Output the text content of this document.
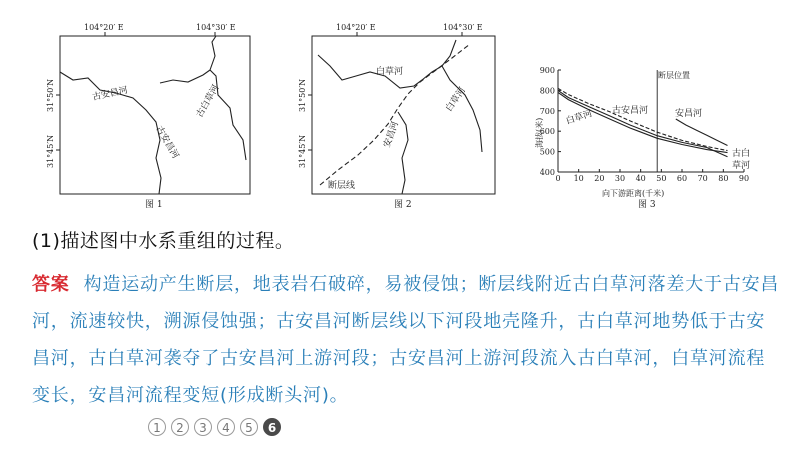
104°20′ E	104°30′ E
31°50′N
31°45′N
古安昌河	古白草河
古安昌河
图 1
104°20′ E	104°30′ E
31°50′N
31°45′N
白草河
白草河
安昌河
断层线
图 2
断层位置
海拔(米)
向下游距离(千米)
图 3
古安昌河
白草河	安昌河
古白
草河
0 10 20 30 40 50 60 70 80 90
400
500
600
700
800
900
(1)描述图中水系重组的过程。
答案 构造运动产生断层，地表岩石破碎，易被侵蚀；断层线附近古白草河落差大于古安昌河，流速较快，溯源侵蚀强；古安昌河断层线以下河段地壳隆升，古白草河地势低于古安昌河，古白草河袭夺了古安昌河上游河段；古安昌河上游河段流入古白草河，白草河流程变长，安昌河流程变短(形成断头河)。
1	2	3	4	5	6
